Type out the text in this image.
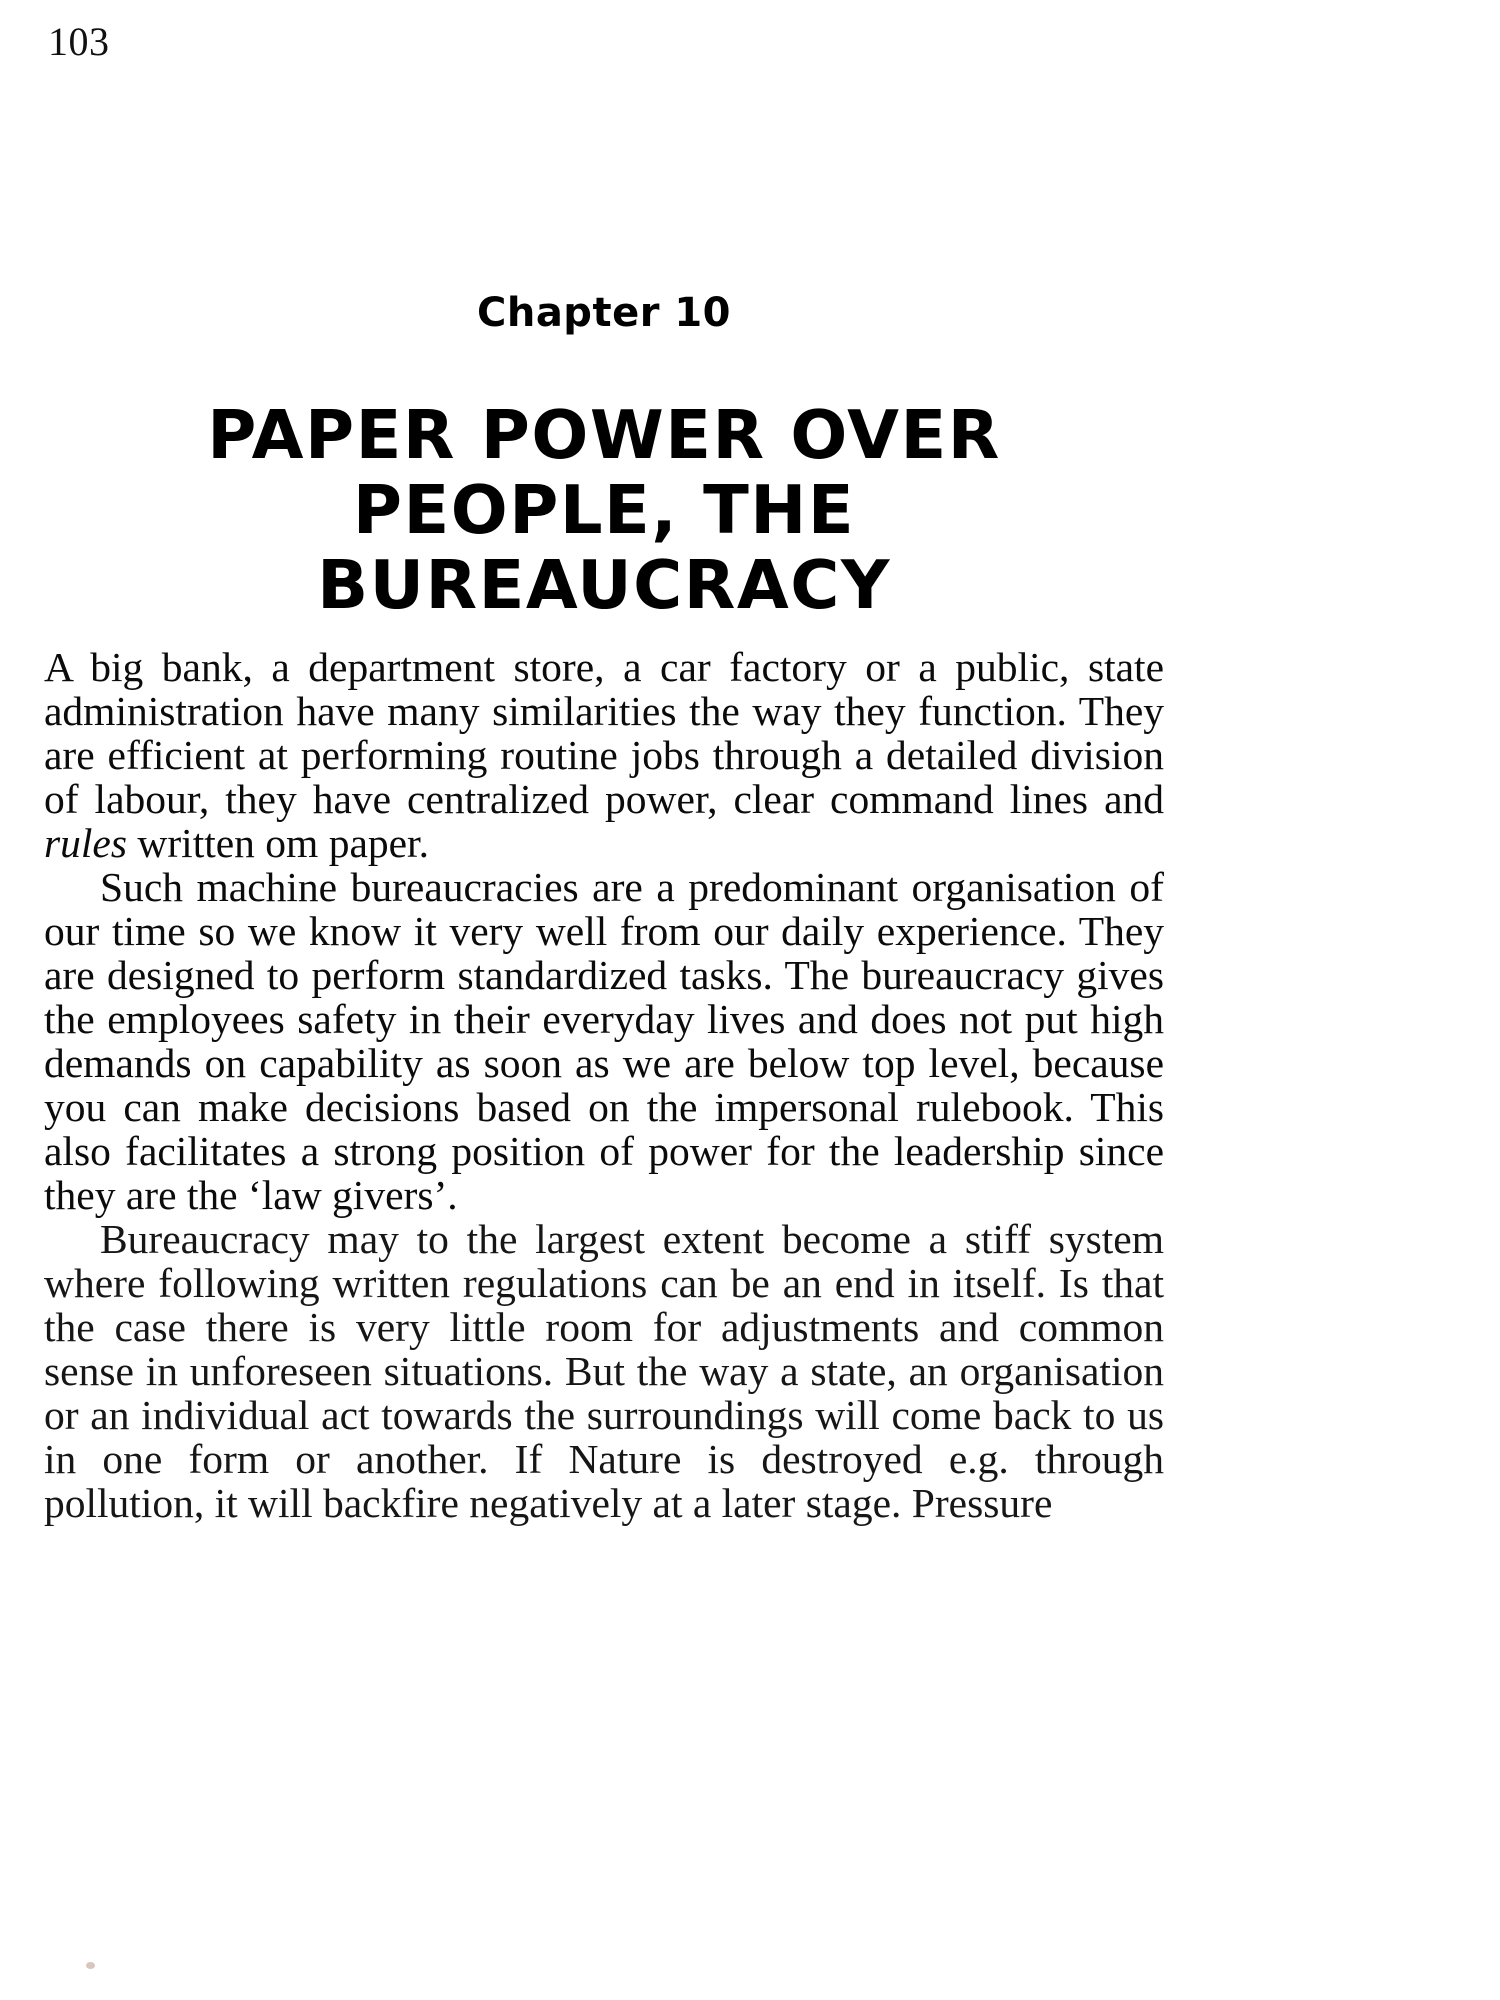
103
Chapter 10
PAPER POWER OVER
PEOPLE, THE
BUREAUCRACY

A big bank, a department store, a car factory or a public, state administration have many similarities the way they function. They are efficient at performing routine jobs through a detailed division of labour, they have centralized power, clear command lines and rules written om paper.

Such machine bureaucracies are a predominant organisation of our time so we know it very well from our daily experience. They are designed to perform standardized tasks. The bureaucracy gives the employees safety in their everyday lives and does not put high demands on capability as soon as we are below top level, because you can make decisions based on the impersonal rulebook. This also facilitates a strong position of power for the leadership since they are the ‘law givers’.

Bureaucracy may to the largest extent become a stiff system where following written regulations can be an end in itself. Is that the case there is very little room for adjustments and common sense in unforeseen situations. But the way a state, an organisation or an individual act towards the surroundings will come back to us in one form or another. If Nature is destroyed e.g. through pollution, it will backfire negatively at a later stage. Pressure
